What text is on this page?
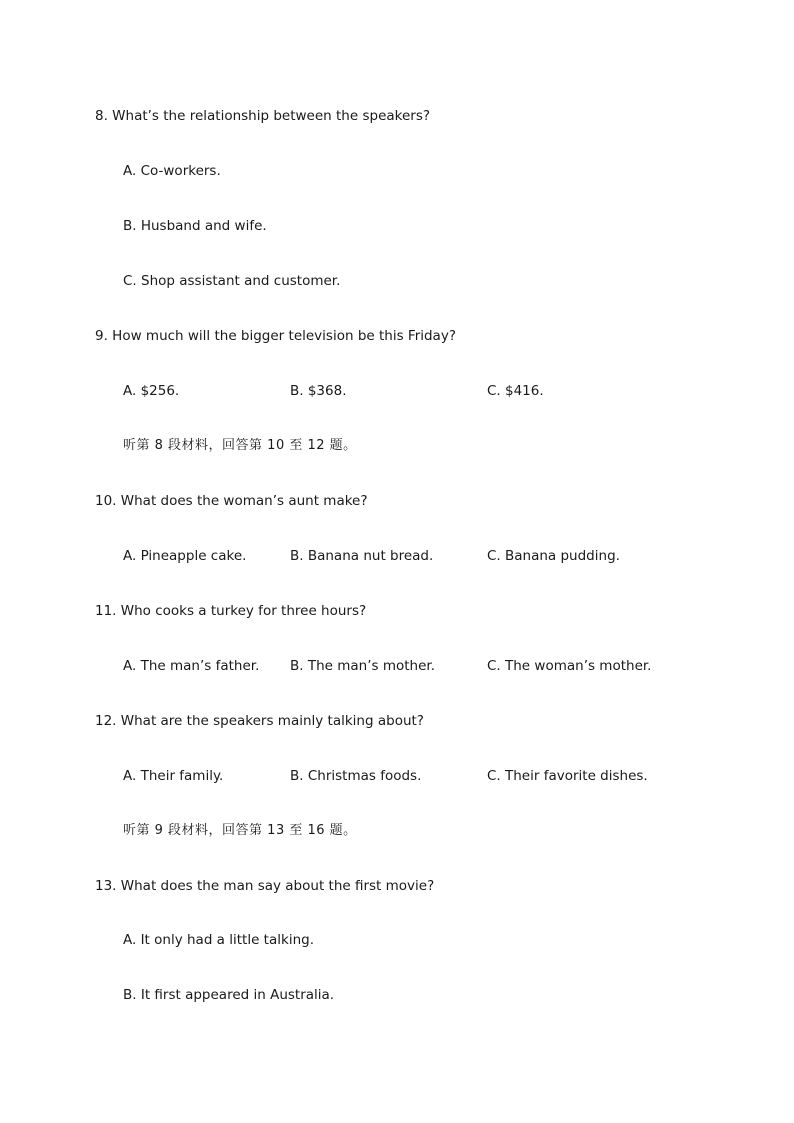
8. What’s the relationship between the speakers?
A. Co-workers.
B. Husband and wife.
C. Shop assistant and customer.
9. How much will the bigger television be this Friday?
A. $256.	B. $368.	C. $416.
听第 8 段材料，回答第 10 至 12 题。
10. What does the woman’s aunt make?
A. Pineapple cake.	B. Banana nut bread.	C. Banana pudding.
11. Who cooks a turkey for three hours?
A. The man’s father. B. The man’s mother.	C. The woman’s mother.
12. What are the speakers mainly talking about?
A. Their family.	B. Christmas foods.	C. Their favorite dishes.
听第 9 段材料，回答第 13 至 16 题。
13. What does the man say about the first movie?
A. It only had a little talking.
B. It first appeared in Australia.
